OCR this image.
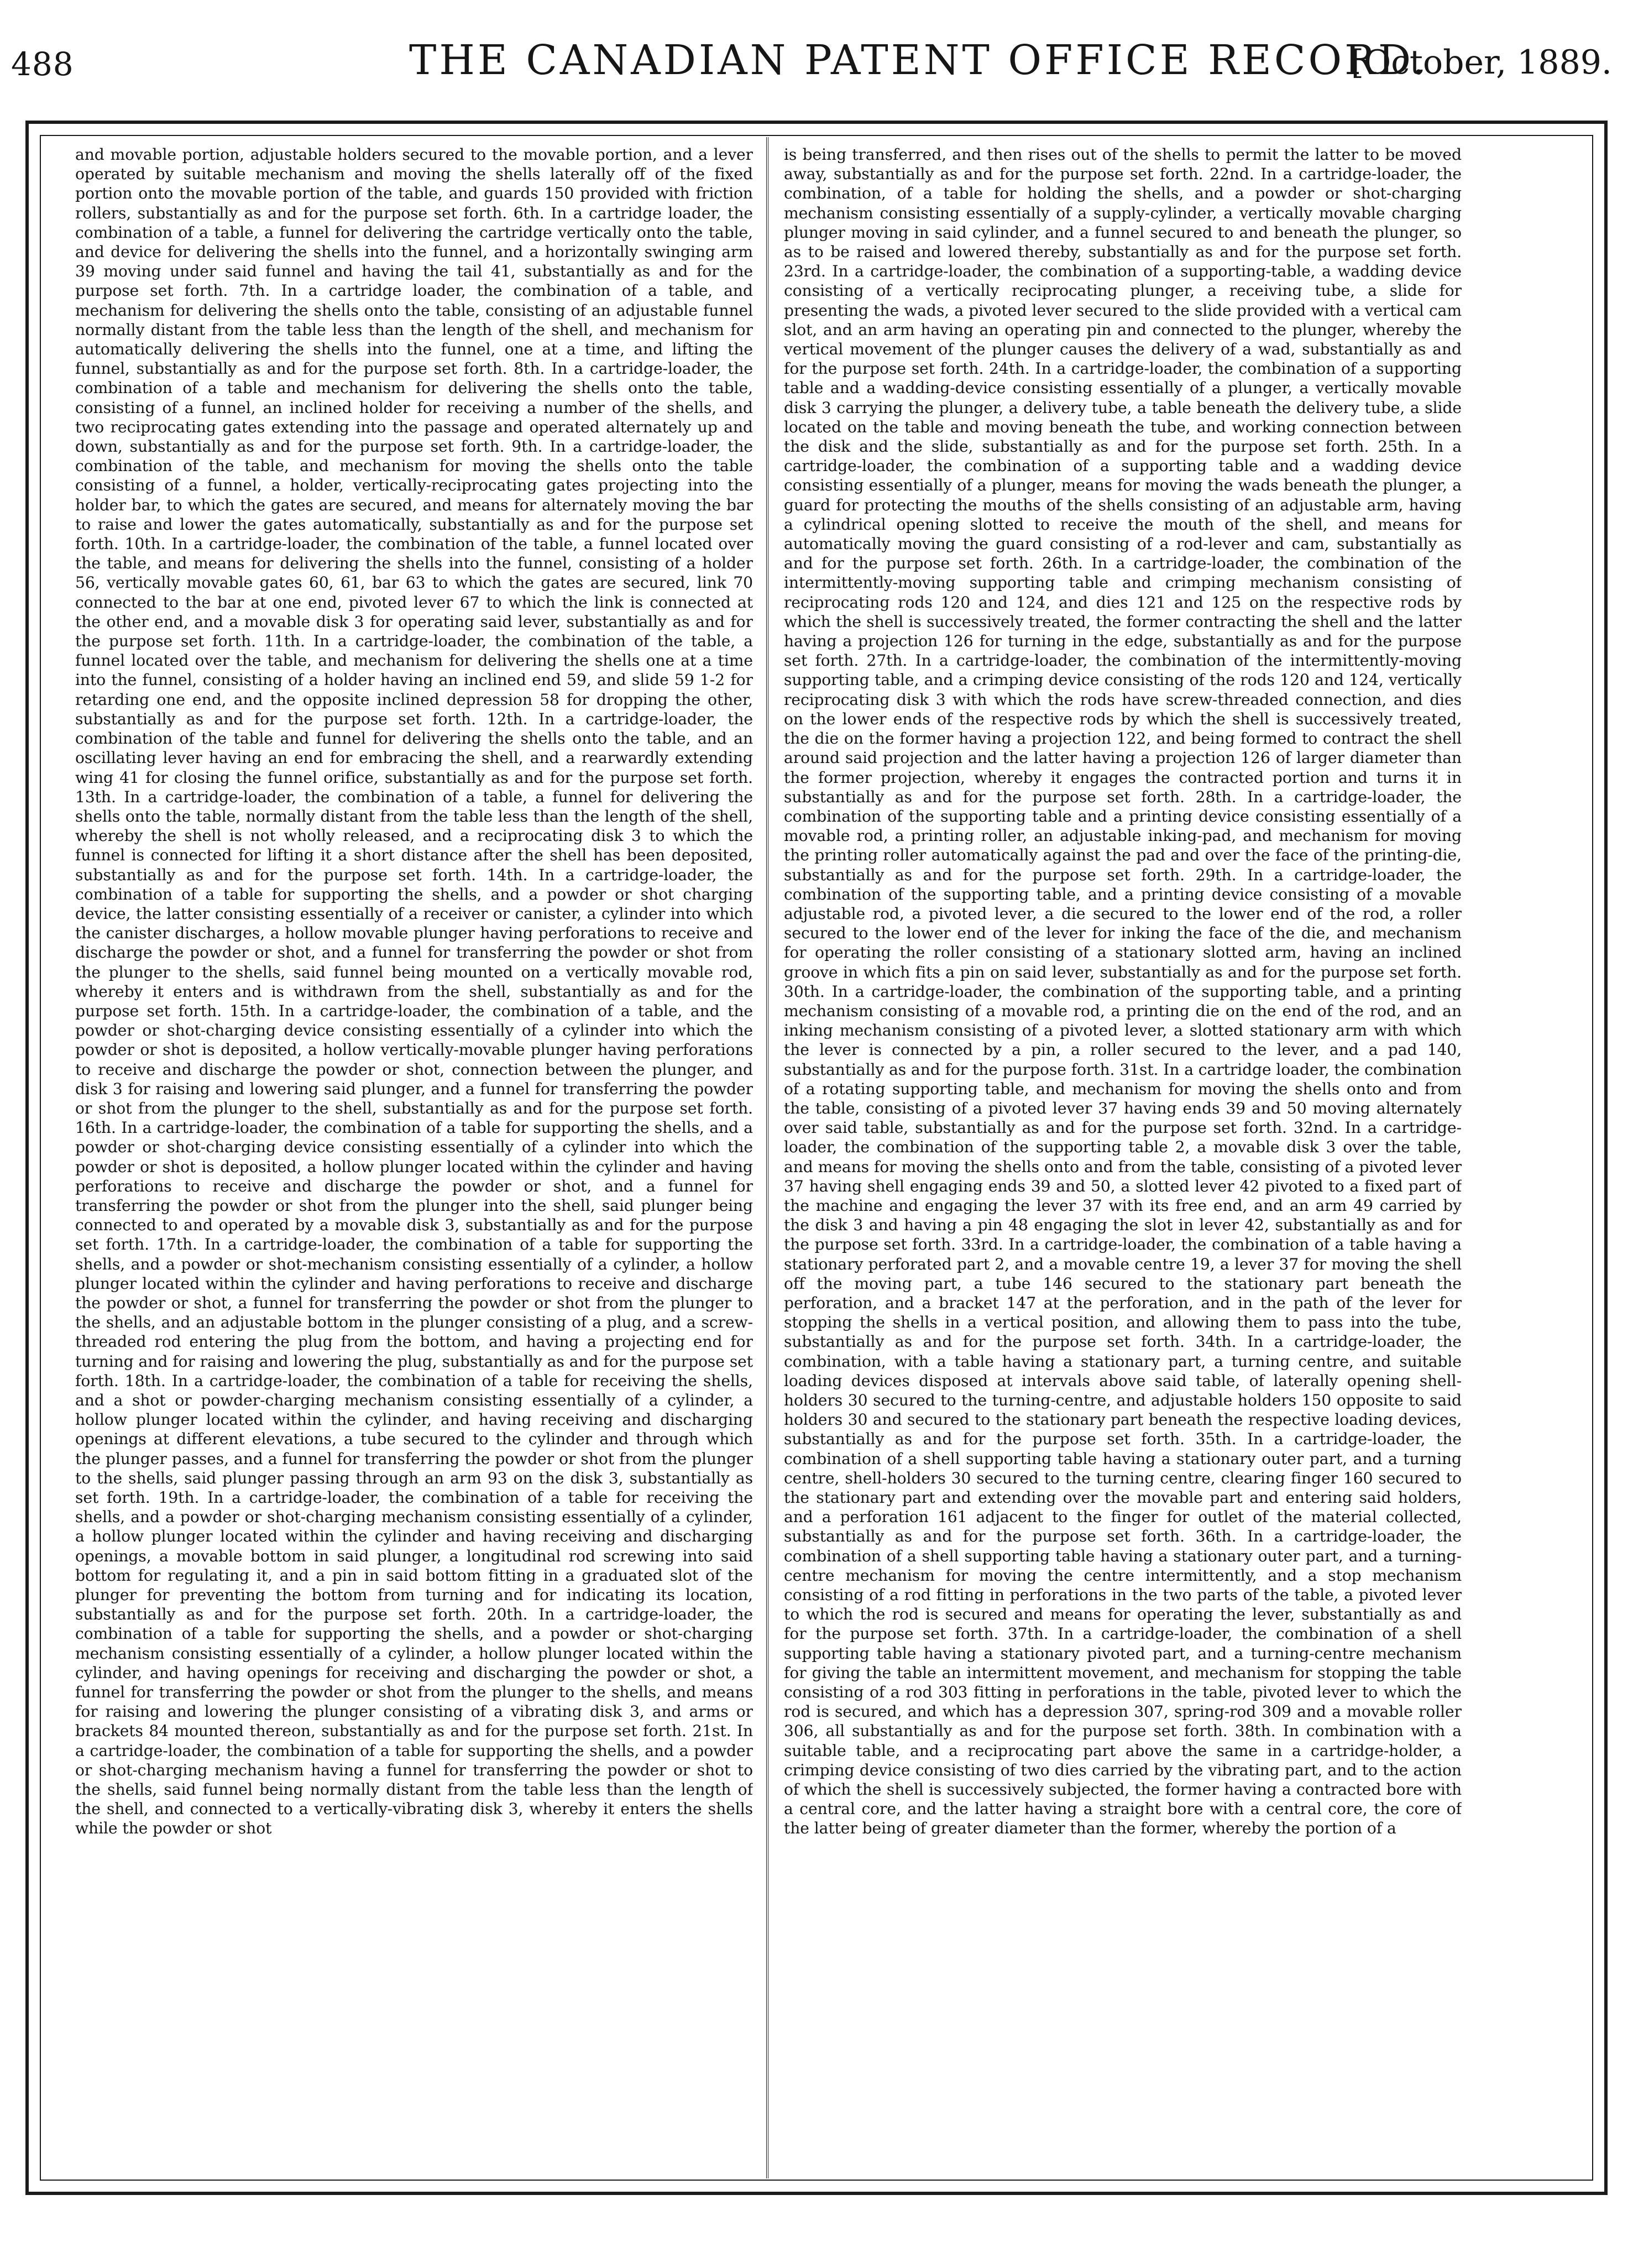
488	THE CANADIAN PATENT OFFICE RECORD.
[October, 1889.

and movable portion, adjustable holders secured to the movable portion, and a lever operated by suitable mechanism and moving the shells laterally off of the fixed portion onto the movable portion of the table, and guards 150 provided with friction rollers, substantially as and for the purpose set forth. 6th. In a cartridge loader, the combination of a table, a funnel for delivering the cartridge vertically onto the table, and device for delivering the shells into the funnel, and a horizontally swinging arm 39 moving under said funnel and having the tail 41, substantially as and for the purpose set forth. 7th. In a cartridge loader, the combination of a table, and mechanism for delivering the shells onto the table, consisting of an adjustable funnel normally distant from the table less than the length of the shell, and mechanism for automatically delivering the shells into the funnel, one at a time, and lifting the funnel, substantially as and for the purpose set forth. 8th. In a cartridge-loader, the combination of a table and mechanism for delivering the shells onto the table, consisting of a funnel, an inclined holder for receiving a number of the shells, and two reciprocating gates extending into the passage and operated alternately up and down, substantially as and for the purpose set forth. 9th. In a cartridge-loader, the combination of the table, and mechanism for moving the shells onto the table consisting of a funnel, a holder, vertically-reciprocating gates projecting into the holder bar, to which the gates are secured, and means for alternately moving the bar to raise and lower the gates automatically, substantially as and for the purpose set forth. 10th. In a cartridge-loader, the combination of the table, a funnel located over the table, and means for delivering the shells into the funnel, consisting of a holder 56, vertically movable gates 60, 61, bar 63 to which the gates are secured, link 70 connected to the bar at one end, pivoted lever 67 to which the link is connected at the other end, and a movable disk 3 for operating said lever, substantially as and for the purpose set forth. 11th. In a cartridge-loader, the combination of the table, a funnel located over the table, and mechanism for delivering the shells one at a time into the funnel, consisting of a holder having an inclined end 59, and slide 59 1-2 for retarding one end, and the opposite inclined depression 58 for dropping the other, substantially as and for the purpose set forth. 12th. In a cartridge-loader, the combination of the table and funnel for delivering the shells onto the table, and an oscillating lever having an end for embracing the shell, and a rearwardly extending wing 41 for closing the funnel orifice, substantially as and for the purpose set forth. 13th. In a cartridge-loader, the combination of a table, a funnel for delivering the shells onto the table, normally distant from the table less than the length of the shell, whereby the shell is not wholly released, and a reciprocating disk 3 to which the funnel is connected for lifting it a short distance after the shell has been deposited, substantially as and for the purpose set forth. 14th. In a cartridge-loader, the combination of a table for supporting the shells, and a powder or shot charging device, the latter consisting essentially of a receiver or canister, a cylinder into which the canister discharges, a hollow movable plunger having perforations to receive and discharge the powder or shot, and a funnel for transferring the powder or shot from the plunger to the shells, said funnel being mounted on a vertically movable rod, whereby it enters and is withdrawn from the shell, substantially as and for the purpose set forth. 15th. In a cartridge-loader, the combination of a table, and the powder or shot-charging device consisting essentially of a cylinder into which the powder or shot is deposited, a hollow vertically-movable plunger having perforations to receive and discharge the powder or shot, connection between the plunger, and disk 3 for raising and lowering said plunger, and a funnel for transferring the powder or shot from the plunger to the shell, substantially as and for the purpose set forth. 16th. In a cartridge-loader, the combination of a table for supporting the shells, and a powder or shot-charging device consisting essentially of a cylinder into which the powder or shot is deposited, a hollow plunger located within the cylinder and having perforations to receive and discharge the powder or shot, and a funnel for transferring the powder or shot from the plunger into the shell, said plunger being connected to and operated by a movable disk 3, substantially as and for the purpose set forth. 17th. In a cartridge-loader, the combination of a table for supporting the shells, and a powder or shot-mechanism consisting essentially of a cylinder, a hollow plunger located within the cylinder and having perforations to receive and discharge the powder or shot, a funnel for transferring the powder or shot from the plunger to the shells, and an adjustable bottom in the plunger consisting of a plug, and a screw-threaded rod entering the plug from the bottom, and having a projecting end for turning and for raising and lowering the plug, substantially as and for the purpose set forth. 18th. In a cartridge-loader, the combination of a table for receiving the shells, and a shot or powder-charging mechanism consisting essentially of a cylinder, a hollow plunger located within the cylinder, and having receiving and discharging openings at different elevations, a tube secured to the cylinder and through which the plunger passes, and a funnel for transferring the powder or shot from the plunger to the shells, said plunger passing through an arm 93 on the disk 3, substantially as set forth. 19th. In a cartridge-loader, the combination of a table for receiving the shells, and a powder or shot-charging mechanism consisting essentially of a cylinder, a hollow plunger located within the cylinder and having receiving and discharging openings, a movable bottom in said plunger, a longitudinal rod screwing into said bottom for regulating it, and a pin in said bottom fitting in a graduated slot of the plunger for preventing the bottom from turning and for indicating its location, substantially as and for the purpose set forth. 20th. In a cartridge-loader, the combination of a table for supporting the shells, and a powder or shot-charging mechanism consisting essentially of a cylinder, a hollow plunger located within the cylinder, and having openings for receiving and discharging the powder or shot, a funnel for transferring the powder or shot from the plunger to the shells, and means for raising and lowering the plunger consisting of a vibrating disk 3, and arms or brackets 84 mounted thereon, substantially as and for the purpose set forth. 21st. In a cartridge-loader, the combination of a table for supporting the shells, and a powder or shot-charging mechanism having a funnel for transferring the powder or shot to the shells, said funnel being normally distant from the table less than the length of the shell, and connected to a vertically-vibrating disk 3, whereby it enters the shells while the powder or shot

is being transferred, and then rises out of the shells to permit the latter to be moved away, substantially as and for the purpose set forth. 22nd. In a cartridge-loader, the combination, of a table for holding the shells, and a powder or shot-charging mechanism consisting essentially of a supply-cylinder, a vertically movable charging plunger moving in said cylinder, and a funnel secured to and beneath the plunger, so as to be raised and lowered thereby, substantially as and for the purpose set forth. 23rd. In a cartridge-loader, the combination of a supporting-table, a wadding device consisting of a vertically reciprocating plunger, a receiving tube, a slide for presenting the wads, a pivoted lever secured to the slide provided with a vertical cam slot, and an arm having an operating pin and connected to the plunger, whereby the vertical movement of the plunger causes the delivery of a wad, substantially as and for the purpose set forth. 24th. In a cartridge-loader, the combination of a supporting table and a wadding-device consisting essentially of a plunger, a vertically movable disk 3 carrying the plunger, a delivery tube, a table beneath the delivery tube, a slide located on the table and moving beneath the tube, and working connection between the disk and the slide, substantially as and for the purpose set forth. 25th. In a cartridge-loader, the combination of a supporting table and a wadding device consisting essentially of a plunger, means for moving the wads beneath the plunger, a guard for protecting the mouths of the shells consisting of an adjustable arm, having a cylindrical opening slotted to receive the mouth of the shell, and means for automatically moving the guard consisting of a rod-lever and cam, substantially as and for the purpose set forth. 26th. In a cartridge-loader, the combination of the intermittently-moving supporting table and crimping mechanism consisting of reciprocating rods 120 and 124, and dies 121 and 125 on the respective rods by which the shell is successively treated, the former contracting the shell and the latter having a projection 126 for turning in the edge, substantially as and for the purpose set forth. 27th. In a cartridge-loader, the combination of the intermittently-moving supporting table, and a crimping device consisting of the rods 120 and 124, vertically reciprocating disk 3 with which the rods have screw-threaded connection, and dies on the lower ends of the respective rods by which the shell is successively treated, the die on the former having a projection 122, and being formed to contract the shell around said projection and the latter having a projection 126 of larger diameter than the former projection, whereby it engages the contracted portion and turns it in substantially as and for the purpose set forth. 28th. In a cartridge-loader, the combination of the supporting table and a printing device consisting essentially of a movable rod, a printing roller, an adjustable inking-pad, and mechanism for moving the printing roller automatically against the pad and over the face of the printing-die, substantially as and for the purpose set forth. 29th. In a cartridge-loader, the combination of the supporting table, and a printing device consisting of a movable adjustable rod, a pivoted lever, a die secured to the lower end of the rod, a roller secured to the lower end of the lever for inking the face of the die, and mechanism for operating the roller consisting of a stationary slotted arm, having an inclined groove in which fits a pin on said lever, substantially as and for the purpose set forth. 30th. In a cartridge-loader, the combination of the supporting table, and a printing mechanism consisting of a movable rod, a printing die on the end of the rod, and an inking mechanism consisting of a pivoted lever, a slotted stationary arm with which the lever is connected by a pin, a roller secured to the lever, and a pad 140, substantially as and for the purpose forth. 31st. In a cartridge loader, the combination of a rotating supporting table, and mechanism for moving the shells onto and from the table, consisting of a pivoted lever 37 having ends 39 and 50 moving alternately over said table, substantially as and for the purpose set forth. 32nd. In a cartridge-loader, the combination of the supporting table 2, a movable disk 3 over the table, and means for moving the shells onto and from the table, consisting of a pivoted lever 37 having shell engaging ends 39 and 50, a slotted lever 42 pivoted to a fixed part of the machine and engaging the lever 37 with its free end, and an arm 49 carried by the disk 3 and having a pin 48 engaging the slot in lever 42, substantially as and for the purpose set forth. 33rd. In a cartridge-loader, the combination of a table having a stationary perforated part 2, and a movable centre 19, a lever 37 for moving the shell off the moving part, a tube 146 secured to the stationary part beneath the perforation, and a bracket 147 at the perforation, and in the path of the lever for stopping the shells in a vertical position, and allowing them to pass into the tube, substantially as and for the purpose set forth. 34th. In a cartridge-loader, the combination, with a table having a stationary part, a turning centre, and suitable loading devices disposed at intervals above said table, of laterally opening shell-holders 30 secured to the turning-centre, and adjustable holders 150 opposite to said holders 30 and secured to the stationary part beneath the respective loading devices, substantially as and for the purpose set forth. 35th. In a cartridge-loader, the combination of a shell supporting table having a stationary outer part, and a turning centre, shell-holders 30 secured to the turning centre, clearing finger 160 secured to the stationary part and extending over the movable part and entering said holders, and a perforation 161 adjacent to the finger for outlet of the material collected, substantially as and for the purpose set forth. 36th. In a cartridge-loader, the combination of a shell supporting table having a stationary outer part, and a turning-centre mechanism for moving the centre intermittently, and a stop mechanism consisting of a rod fitting in perforations in the two parts of the table, a pivoted lever to which the rod is secured and means for operating the lever, substantially as and for the purpose set forth. 37th. In a cartridge-loader, the combination of a shell supporting table having a stationary pivoted part, and a turning-centre mechanism for giving the table an intermittent movement, and mechanism for stopping the table consisting of a rod 303 fitting in perforations in the table, pivoted lever to which the rod is secured, and which has a depression 307, spring-rod 309 and a movable roller 306, all substantially as and for the purpose set forth. 38th. In combination with a suitable table, and a reciprocating part above the same in a cartridge-holder, a crimping device consisting of two dies carried by the vibrating part, and to the action of which the shell is successively subjected, the former having a contracted bore with a central core, and the latter having a straight bore with a central core, the core of the latter being of greater diameter than the former, whereby the portion of a
